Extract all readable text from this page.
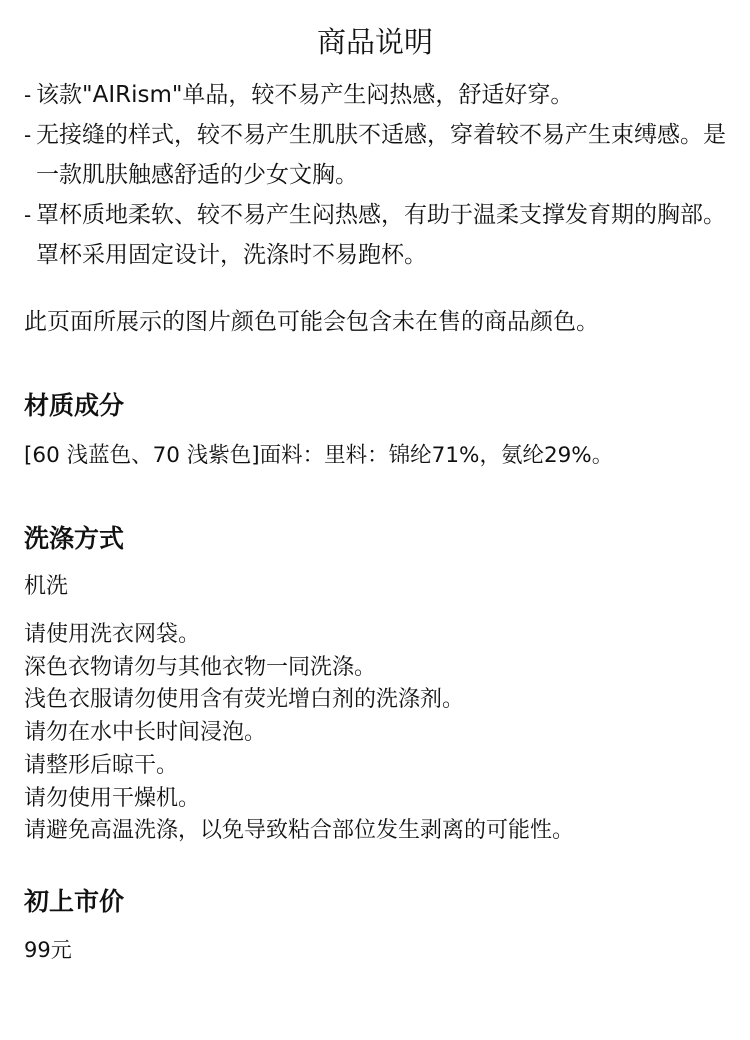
商品说明
- 该款"AIRism"单品，较不易产生闷热感，舒适好穿。
- 无接缝的样式，较不易产生肌肤不适感，穿着较不易产生束缚感。是一款肌肤触感舒适的少女文胸。
- 罩杯质地柔软、较不易产生闷热感，有助于温柔支撑发育期的胸部。罩杯采用固定设计，洗涤时不易跑杯。

此页面所展示的图片颜色可能会包含未在售的商品颜色。

材质成分

[60 浅蓝色、70 浅紫色]面料：里料：锦纶71%，氨纶29%。

洗涤方式

机洗

请使用洗衣网袋。
深色衣物请勿与其他衣物一同洗涤。
浅色衣服请勿使用含有荧光增白剂的洗涤剂。
请勿在水中长时间浸泡。
请整形后晾干。
请勿使用干燥机。
请避免高温洗涤，以免导致粘合部位发生剥离的可能性。
初上市价

99元
